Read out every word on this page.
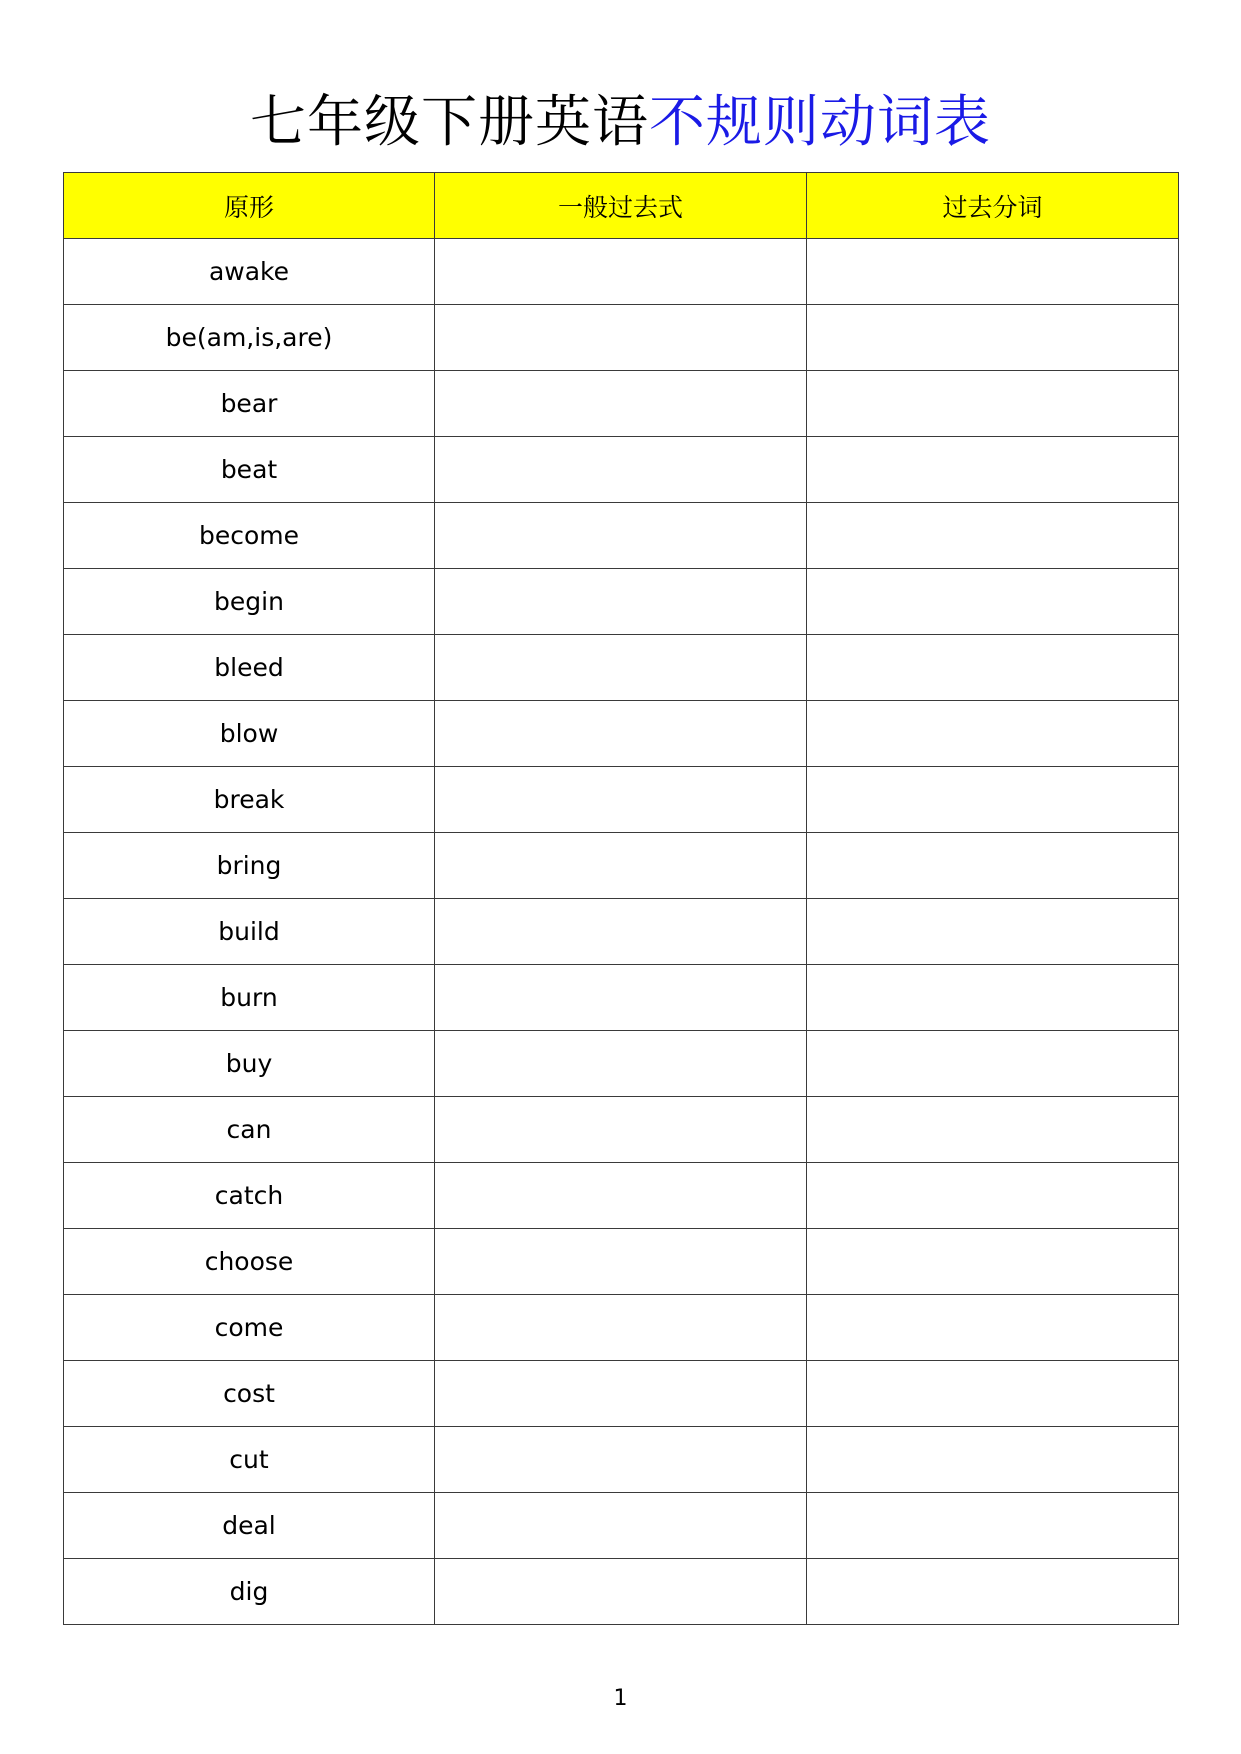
七年级下册英语不规则动词表
原形	一般过去式	过去分词
awake		
be(am,is,are)		
bear		
beat		
become		
begin		
bleed		
blow		
break		
bring		
build		
burn		
buy		
can		
catch		
choose		
come		
cost		
cut		
deal		
dig		
1
